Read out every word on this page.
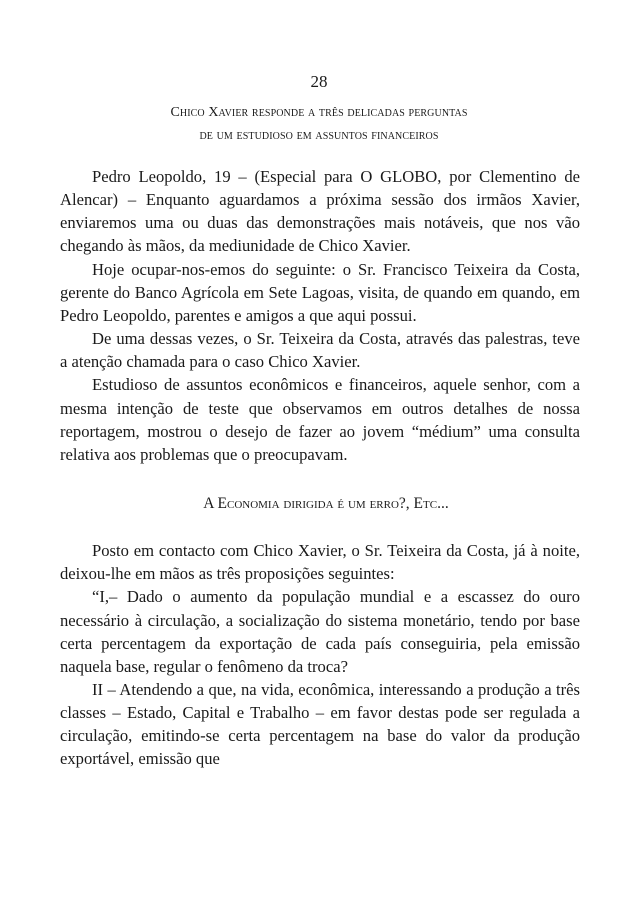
28
Chico Xavier responde a três delicadas perguntas
de um estudioso em assuntos financeiros

Pedro Leopoldo, 19 – (Especial para O GLOBO, por Clementino de Alencar) – Enquanto aguardamos a próxima sessão dos irmãos Xavier, enviaremos uma ou duas das demonstrações mais notáveis, que nos vão chegando às mãos, da mediunidade de Chico Xavier.

Hoje ocupar-nos-emos do seguinte: o Sr. Francisco Teixeira da Costa, gerente do Banco Agrícola em Sete Lagoas, visita, de quando em quando, em Pedro Leopoldo, parentes e amigos a que aqui possui.

De uma dessas vezes, o Sr. Teixeira da Costa, através das palestras, teve a atenção chamada para o caso Chico Xavier.

Estudioso de assuntos econômicos e financeiros, aquele senhor, com a mesma intenção de teste que observamos em outros detalhes de nossa reportagem, mostrou o desejo de fazer ao jovem “médium” uma consulta relativa aos problemas que o preocupavam.

A Economia dirigida é um erro?, Etc...

Posto em contacto com Chico Xavier, o Sr. Teixeira da Costa, já à noite, deixou-lhe em mãos as três proposições seguintes:

“I,– Dado o aumento da população mundial e a escassez do ouro necessário à circulação, a socialização do sistema monetário, tendo por base certa percentagem da exportação de cada país conseguiria, pela emissão naquela base, regular o fenômeno da troca?

II – Atendendo a que, na vida, econômica, interessando a produção a três classes – Estado, Capital e Trabalho – em favor destas pode ser regulada a circulação, emitindo-se certa percentagem na base do valor da produção exportável, emissão que
